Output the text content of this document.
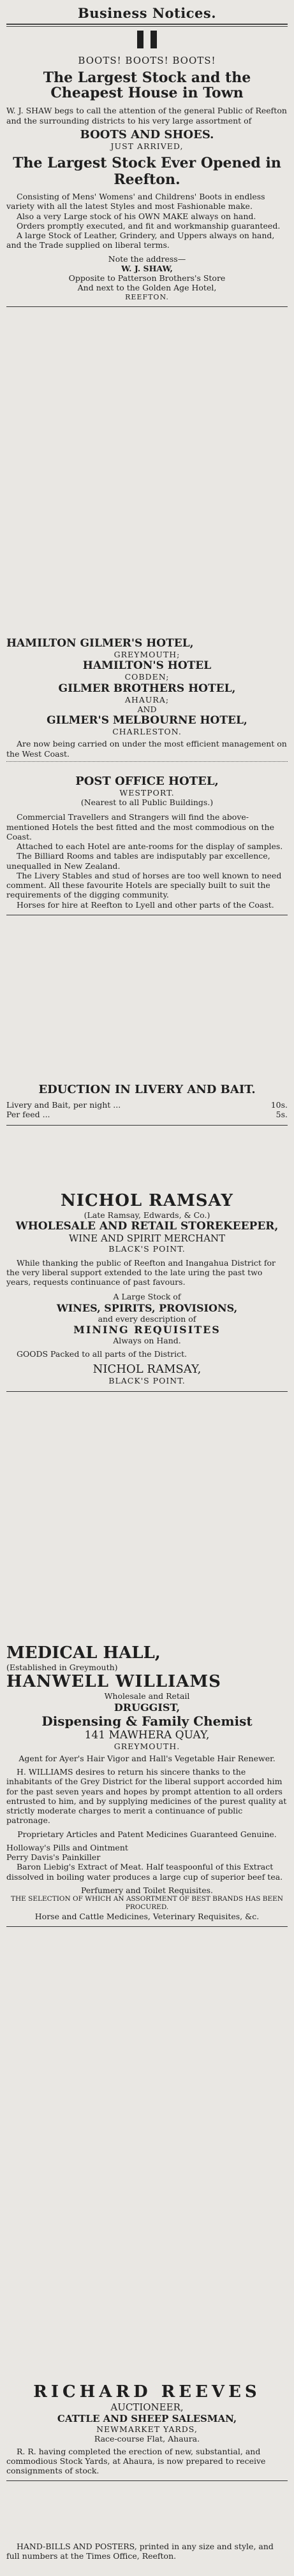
Business Notices.

BOOTS! BOOTS! BOOTS!
The Largest Stock and the Cheapest House in Town
W. J. SHAW begs to call the attention of the general Public of Reefton and the surrounding districts to his very large assortment of
BOOTS AND SHOES.
JUST ARRIVED,
The Largest Stock Ever Opened in Reefton.
Consisting of Mens' Womens' and Childrens' Boots in endless variety with all the latest Styles and most Fashionable make.
Also a very Large stock of his OWN MAKE always on hand.
Orders promptly executed, and fit and workmanship guaranteed.
A large Stock of Leather, Grindery, and Uppers always on hand, and the Trade supplied on liberal terms.
Note the address—
W. J. SHAW,
Opposite to Patterson Brothers's Store
And next to the Golden Age Hotel,
REEFTON.
HAMILTON GILMER'S HOTEL,
GREYMOUTH;
HAMILTON'S HOTEL
COBDEN;
GILMER BROTHERS HOTEL,
AHAURA;
AND
GILMER'S MELBOURNE HOTEL,
CHARLESTON.
Are now being carried on under the most efficient management on the West Coast.
POST OFFICE HOTEL,
WESTPORT.
(Nearest to all Public Buildings.)
Commercial Travellers and Strangers will find the above-mentioned Hotels the best fitted and the most commodious on the Coast.
Attached to each Hotel are ante-rooms for the display of samples.
The Billiard Rooms and tables are indisputably par excellence, unequalled in New Zealand.
The Livery Stables and stud of horses are too well known to need comment. All these favourite Hotels are specially built to suit the requirements of the digging community.
Horses for hire at Reefton to Lyell and other parts of the Coast.
EDUCTION IN LIVERY AND BAIT.
Livery and Bait, per night ...	10s.
Per feed ...	5s.
NICHOL RAMSAY
(Late Ramsay, Edwards, & Co.)
WHOLESALE AND RETAIL STOREKEEPER,
WINE AND SPIRIT MERCHANT
BLACK'S POINT.
While thanking the public of Reefton and Inangahua District for the very liberal support extended to the late uring the past two years, requests continuance of past favours.
A Large Stock of
WINES, SPIRITS, PROVISIONS,
and every description of
MINING REQUISITES
Always on Hand.
GOODS Packed to all parts of the District.
NICHOL RAMSAY,
BLACK'S POINT.
MEDICAL HALL,
(Established in Greymouth)
HANWELL WILLIAMS
Wholesale and Retail
DRUGGIST,
Dispensing & Family Chemist
141 MAWHERA QUAY,
GREYMOUTH.
Agent for Ayer's Hair Vigor and Hall's Vegetable Hair Renewer.
H. WILLIAMS desires to return his sincere thanks to the inhabitants of the Grey District for the liberal support accorded him for the past seven years and hopes by prompt attention to all orders entrusted to him, and by supplying medicines of the purest quality at strictly moderate charges to merit a continuance of public patronage.
Proprietary Articles and Patent Medicines Guaranteed Genuine.
Holloway's Pills and Ointment
Perry Davis's Painkiller
Baron Liebig's Extract of Meat. Half teaspoonful of this Extract dissolved in boiling water produces a large cup of superior beef tea.
Perfumery and Toilet Requisites.
THE SELECTION OF WHICH AN ASSORTMENT OF BEST BRANDS HAS BEEN PROCURED.
Horse and Cattle Medicines, Veterinary Requisites, &c.
RICHARD REEVES
AUCTIONEER,
CATTLE AND SHEEP SALESMAN,
NEWMARKET YARDS,
Race-course Flat, Ahaura.
R. R. having completed the erection of new, substantial, and commodious Stock Yards, at Ahaura, is now prepared to receive consignments of stock.
HAND-BILLS AND POSTERS, printed in any size and style, and full numbers at the Times Office, Reefton.
